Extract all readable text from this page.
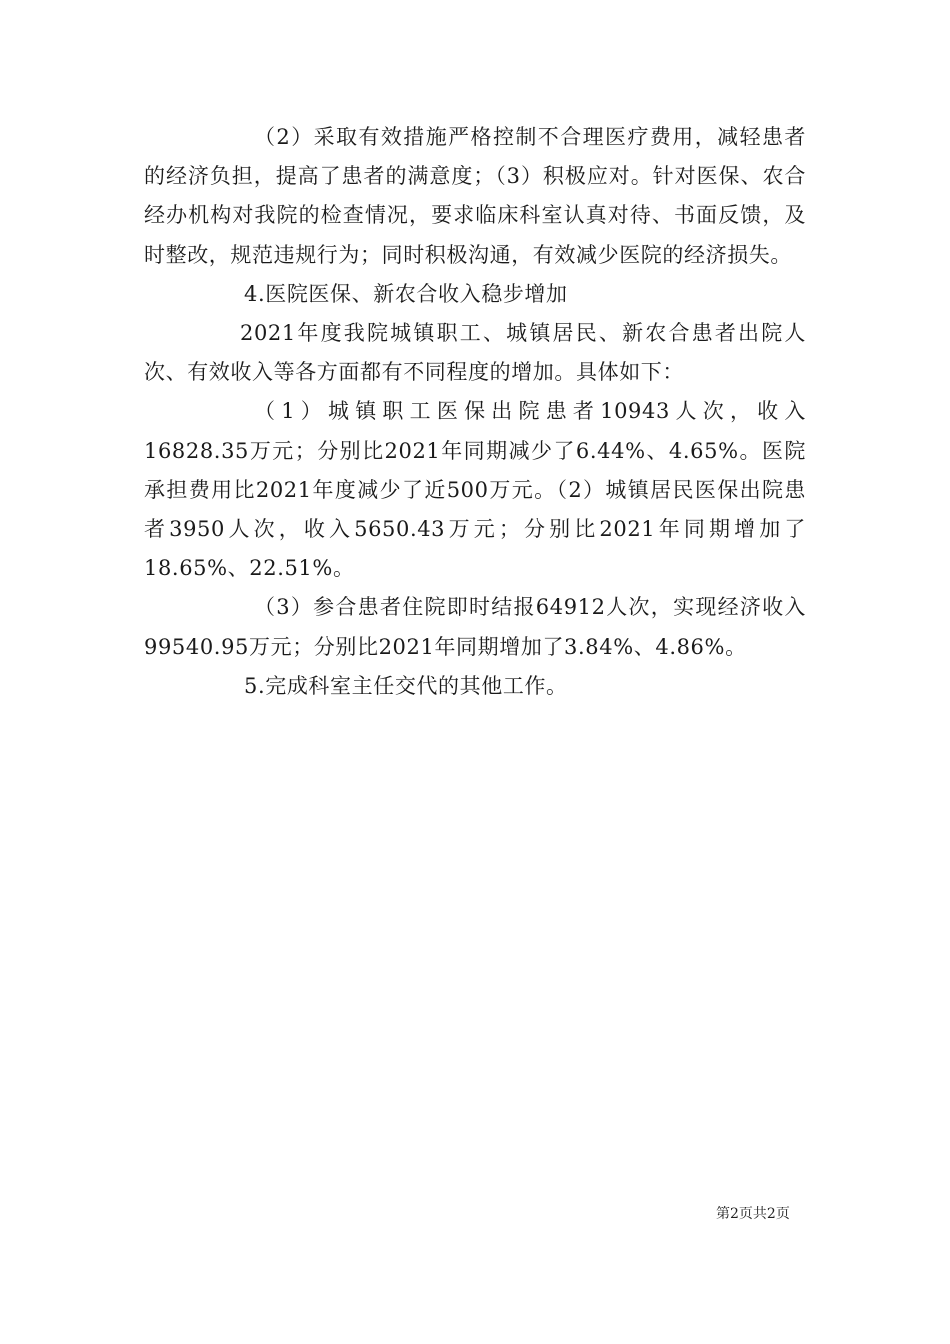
（2）采取有效措施严格控制不合理医疗费用，减轻患者的经济负担，提高了患者的满意度；（3）积极应对。针对医保、农合经办机构对我院的检查情况，要求临床科室认真对待、书面反馈，及时整改，规范违规行为；同时积极沟通，有效减少医院的经济损失。

4.医院医保、新农合收入稳步增加

2021年度我院城镇职工、城镇居民、新农合患者出院人次、有效收入等各方面都有不同程度的增加。具体如下：

（1）城镇职工医保出院患者10943人次，收入16828.35万元；分别比2021年同期减少了6.44%、4.65%。医院承担费用比2021年度减少了近500万元。（2）城镇居民医保出院患者3950人次，收入5650.43万元；分别比2021年同期增加了18.65%、22.51%。

（3）参合患者住院即时结报64912人次，实现经济收入99540.95万元；分别比2021年同期增加了3.84%、4.86%。

5.完成科室主任交代的其他工作。

第2页共2页
